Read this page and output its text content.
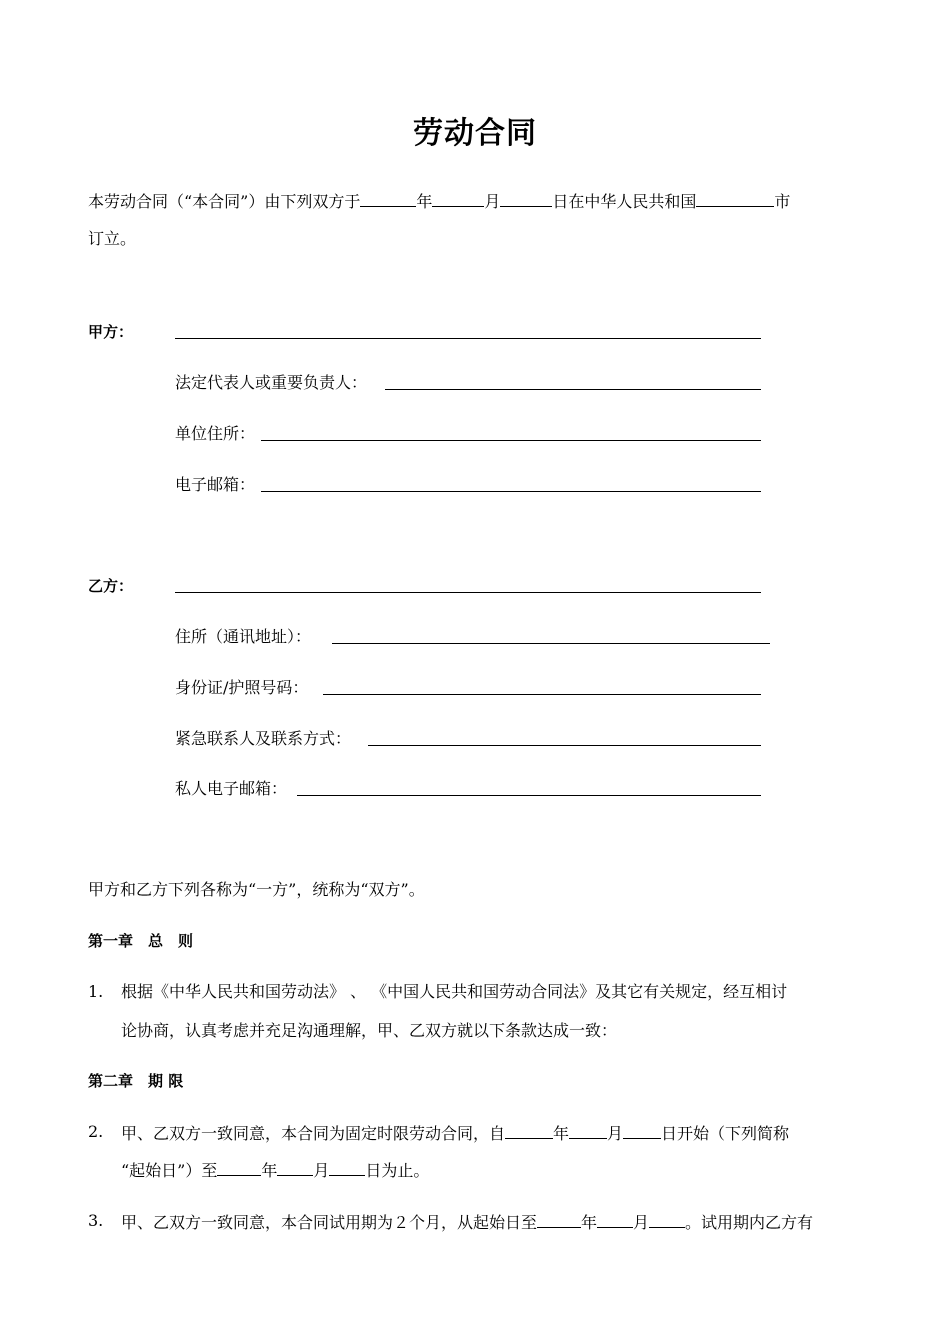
劳动合同
本劳动合同（“本合同”）由下列双方于	年	月	日在中华人民共和国	市
订立。
甲方：
法定代表人或重要负责人：
单位住所：
电子邮箱：
乙方：
住所（通讯地址）：
身份证/护照号码：
紧急联系人及联系方式：
私人电子邮箱：
甲方和乙方下列各称为“一方”，统称为“双方”。
第一章　总　则
1. 根据《中华人民共和国劳动法》 、 《中国人民共和国劳动合同法》及其它有关规定，经互相讨
论协商，认真考虑并充足沟通理解，甲、乙双方就以下条款达成一致：
第二章　期 限
2. 甲、乙双方一致同意，本合同为固定时限劳动合同，自	年 月 日开始（下列简称
“起始日”）至	年 月 日为止。
3. 甲、乙双方一致同意，本合同试用期为２个月，从起始日至	年 月 。试用期内乙方有
